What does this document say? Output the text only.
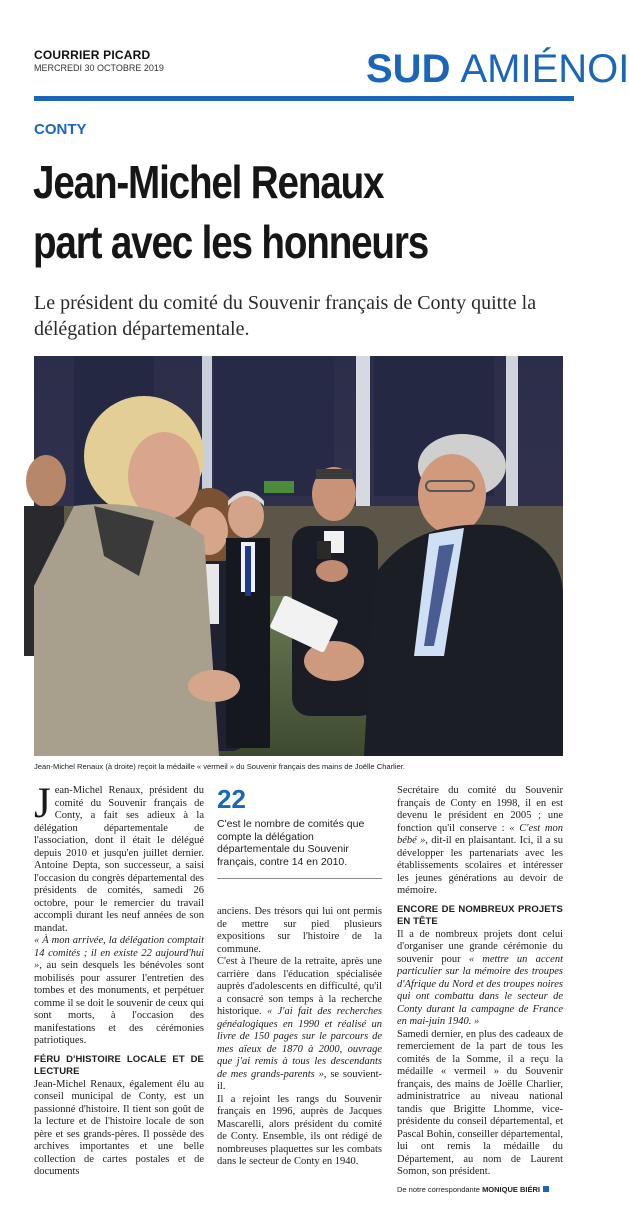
COURRIER PICARD
MERCREDI 30 OCTOBRE 2019	SUD AMIÉNOI
CONTY
Jean-Michel Renaux
part avec les honneurs
Le président du comité du Souvenir français de Conty quitte la délégation départementale.
Jean-Michel Renaux (à droite) reçoit la médaille « vermeil » du Souvenir français des mains de Joëlle Charlier.

Jean-Michel Renaux, président du comité du Souvenir français de Conty, a fait ses adieux à la délégation départementale de l'association, dont il était le délégué depuis 2010 et jusqu'en juillet dernier. Antoine Depta, son successeur, a saisi l'occasion du congrès départemental des présidents de comités, samedi 26 octobre, pour le remercier du travail accompli durant les neuf années de son mandat.

« À mon arrivée, la délégation comptait 14 comités ; il en existe 22 aujourd'hui », au sein desquels les bénévoles sont mobilisés pour assurer l'entretien des tombes et des monuments, et perpétuer comme il se doit le souvenir de ceux qui sont morts, à l'occasion des manifestations et des cérémonies patriotiques.

FÉRU D'HISTOIRE LOCALE ET DE LECTURE

Jean-Michel Renaux, également élu au conseil municipal de Conty, est un passionné d'histoire. Il tient son goût de la lecture et de l'histoire locale de son père et ses grands-pères. Il possède des archives importantes et une belle collection de cartes postales et de documents

22
C'est le nombre de comités que compte la délégation départementale du Souvenir français, contre 14 en 2010.

anciens. Des trésors qui lui ont permis de mettre sur pied plusieurs expositions sur l'histoire de la commune.

C'est à l'heure de la retraite, après une carrière dans l'éducation spécialisée auprès d'adolescents en difficulté, qu'il a consacré son temps à la recherche historique. « J'ai fait des recherches généalogiques en 1990 et réalisé un livre de 150 pages sur le parcours de mes aïeux de 1870 à 2000, ouvrage que j'ai remis à tous les descendants de mes grands-parents », se souvient-il.

Il a rejoint les rangs du Souvenir français en 1996, auprès de Jacques Mascarelli, alors président du comité de Conty. Ensemble, ils ont rédigé de nombreuses plaquettes sur les combats dans le secteur de Conty en 1940.

Secrétaire du comité du Souvenir français de Conty en 1998, il en est devenu le président en 2005 ; une fonction qu'il conserve : « C'est mon bébé », dit-il en plaisantant. Ici, il a su développer les partenariats avec les établissements scolaires et intéresser les jeunes générations au devoir de mémoire.

ENCORE DE NOMBREUX PROJETS EN TÊTE

Il a de nombreux projets dont celui d'organiser une grande cérémonie du souvenir pour « mettre un accent particulier sur la mémoire des troupes d'Afrique du Nord et des troupes noires qui ont combattu dans le secteur de Conty durant la campagne de France en mai-juin 1940. »

Samedi dernier, en plus des cadeaux de remerciement de la part de tous les comités de la Somme, il a reçu la médaille « vermeil » du Souvenir français, des mains de Joëlle Charlier, administratrice au niveau national tandis que Brigitte Lhomme, vice-présidente du conseil départemental, et Pascal Bohin, conseiller départemental, lui ont remis la médaille du Département, au nom de Laurent Somon, son président.

De notre correspondante MONIQUE BIÉRI
